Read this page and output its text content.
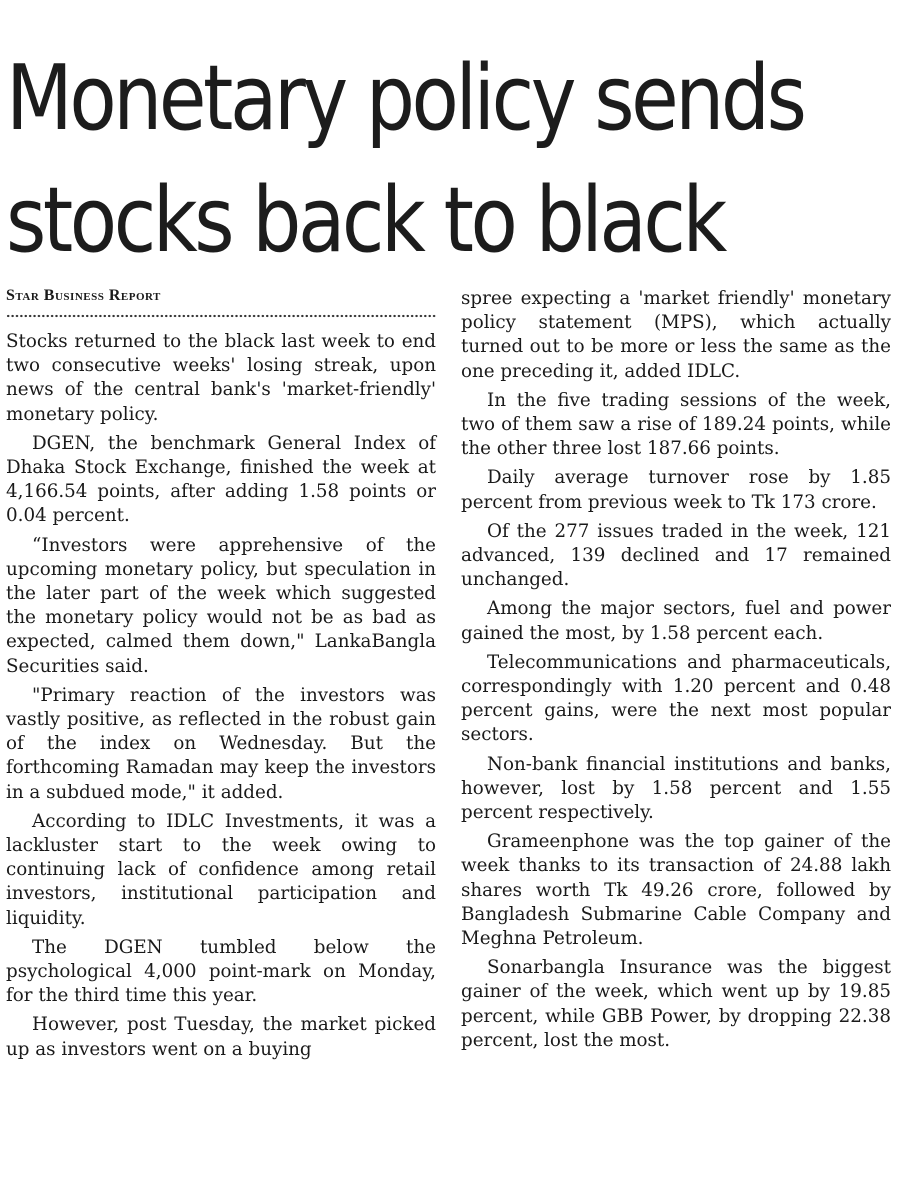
Monetary policy sends
stocks back to black
Star Business Report

Stocks returned to the black last week to end two consecutive weeks' losing streak, upon news of the central bank's 'market-friendly' monetary policy.

DGEN, the benchmark General Index of Dhaka Stock Exchange, finished the week at 4,166.54 points, after adding 1.58 points or 0.04 percent.

“Investors were apprehensive of the upcoming monetary policy, but speculation in the later part of the week which suggested the monetary policy would not be as bad as expected, calmed them down," LankaBangla Securities said.

"Primary reaction of the investors was vastly positive, as reflected in the robust gain of the index on Wednesday. But the forthcoming Ramadan may keep the investors in a subdued mode," it added.

According to IDLC Investments, it was a lackluster start to the week owing to continuing lack of confidence among retail investors, institutional participation and liquidity.

The DGEN tumbled below the psychological 4,000 point-mark on Monday, for the third time this year.

However, post Tuesday, the market picked up as investors went on a buying

spree expecting a 'market friendly' monetary policy statement (MPS), which actually turned out to be more or less the same as the one preceding it, added IDLC.

In the five trading sessions of the week, two of them saw a rise of 189.24 points, while the other three lost 187.66 points.

Daily average turnover rose by 1.85 percent from previous week to Tk 173 crore.

Of the 277 issues traded in the week, 121 advanced, 139 declined and 17 remained unchanged.

Among the major sectors, fuel and power gained the most, by 1.58 percent each.

Telecommunications and pharmaceuticals, correspondingly with 1.20 percent and 0.48 percent gains, were the next most popular sectors.

Non-bank financial institutions and banks, however, lost by 1.58 percent and 1.55 percent respectively.

Grameenphone was the top gainer of the week thanks to its transaction of 24.88 lakh shares worth Tk 49.26 crore, followed by Bangladesh Submarine Cable Company and Meghna Petroleum.

Sonarbangla Insurance was the biggest gainer of the week, which went up by 19.85 percent, while GBB Power, by dropping 22.38 percent, lost the most.
